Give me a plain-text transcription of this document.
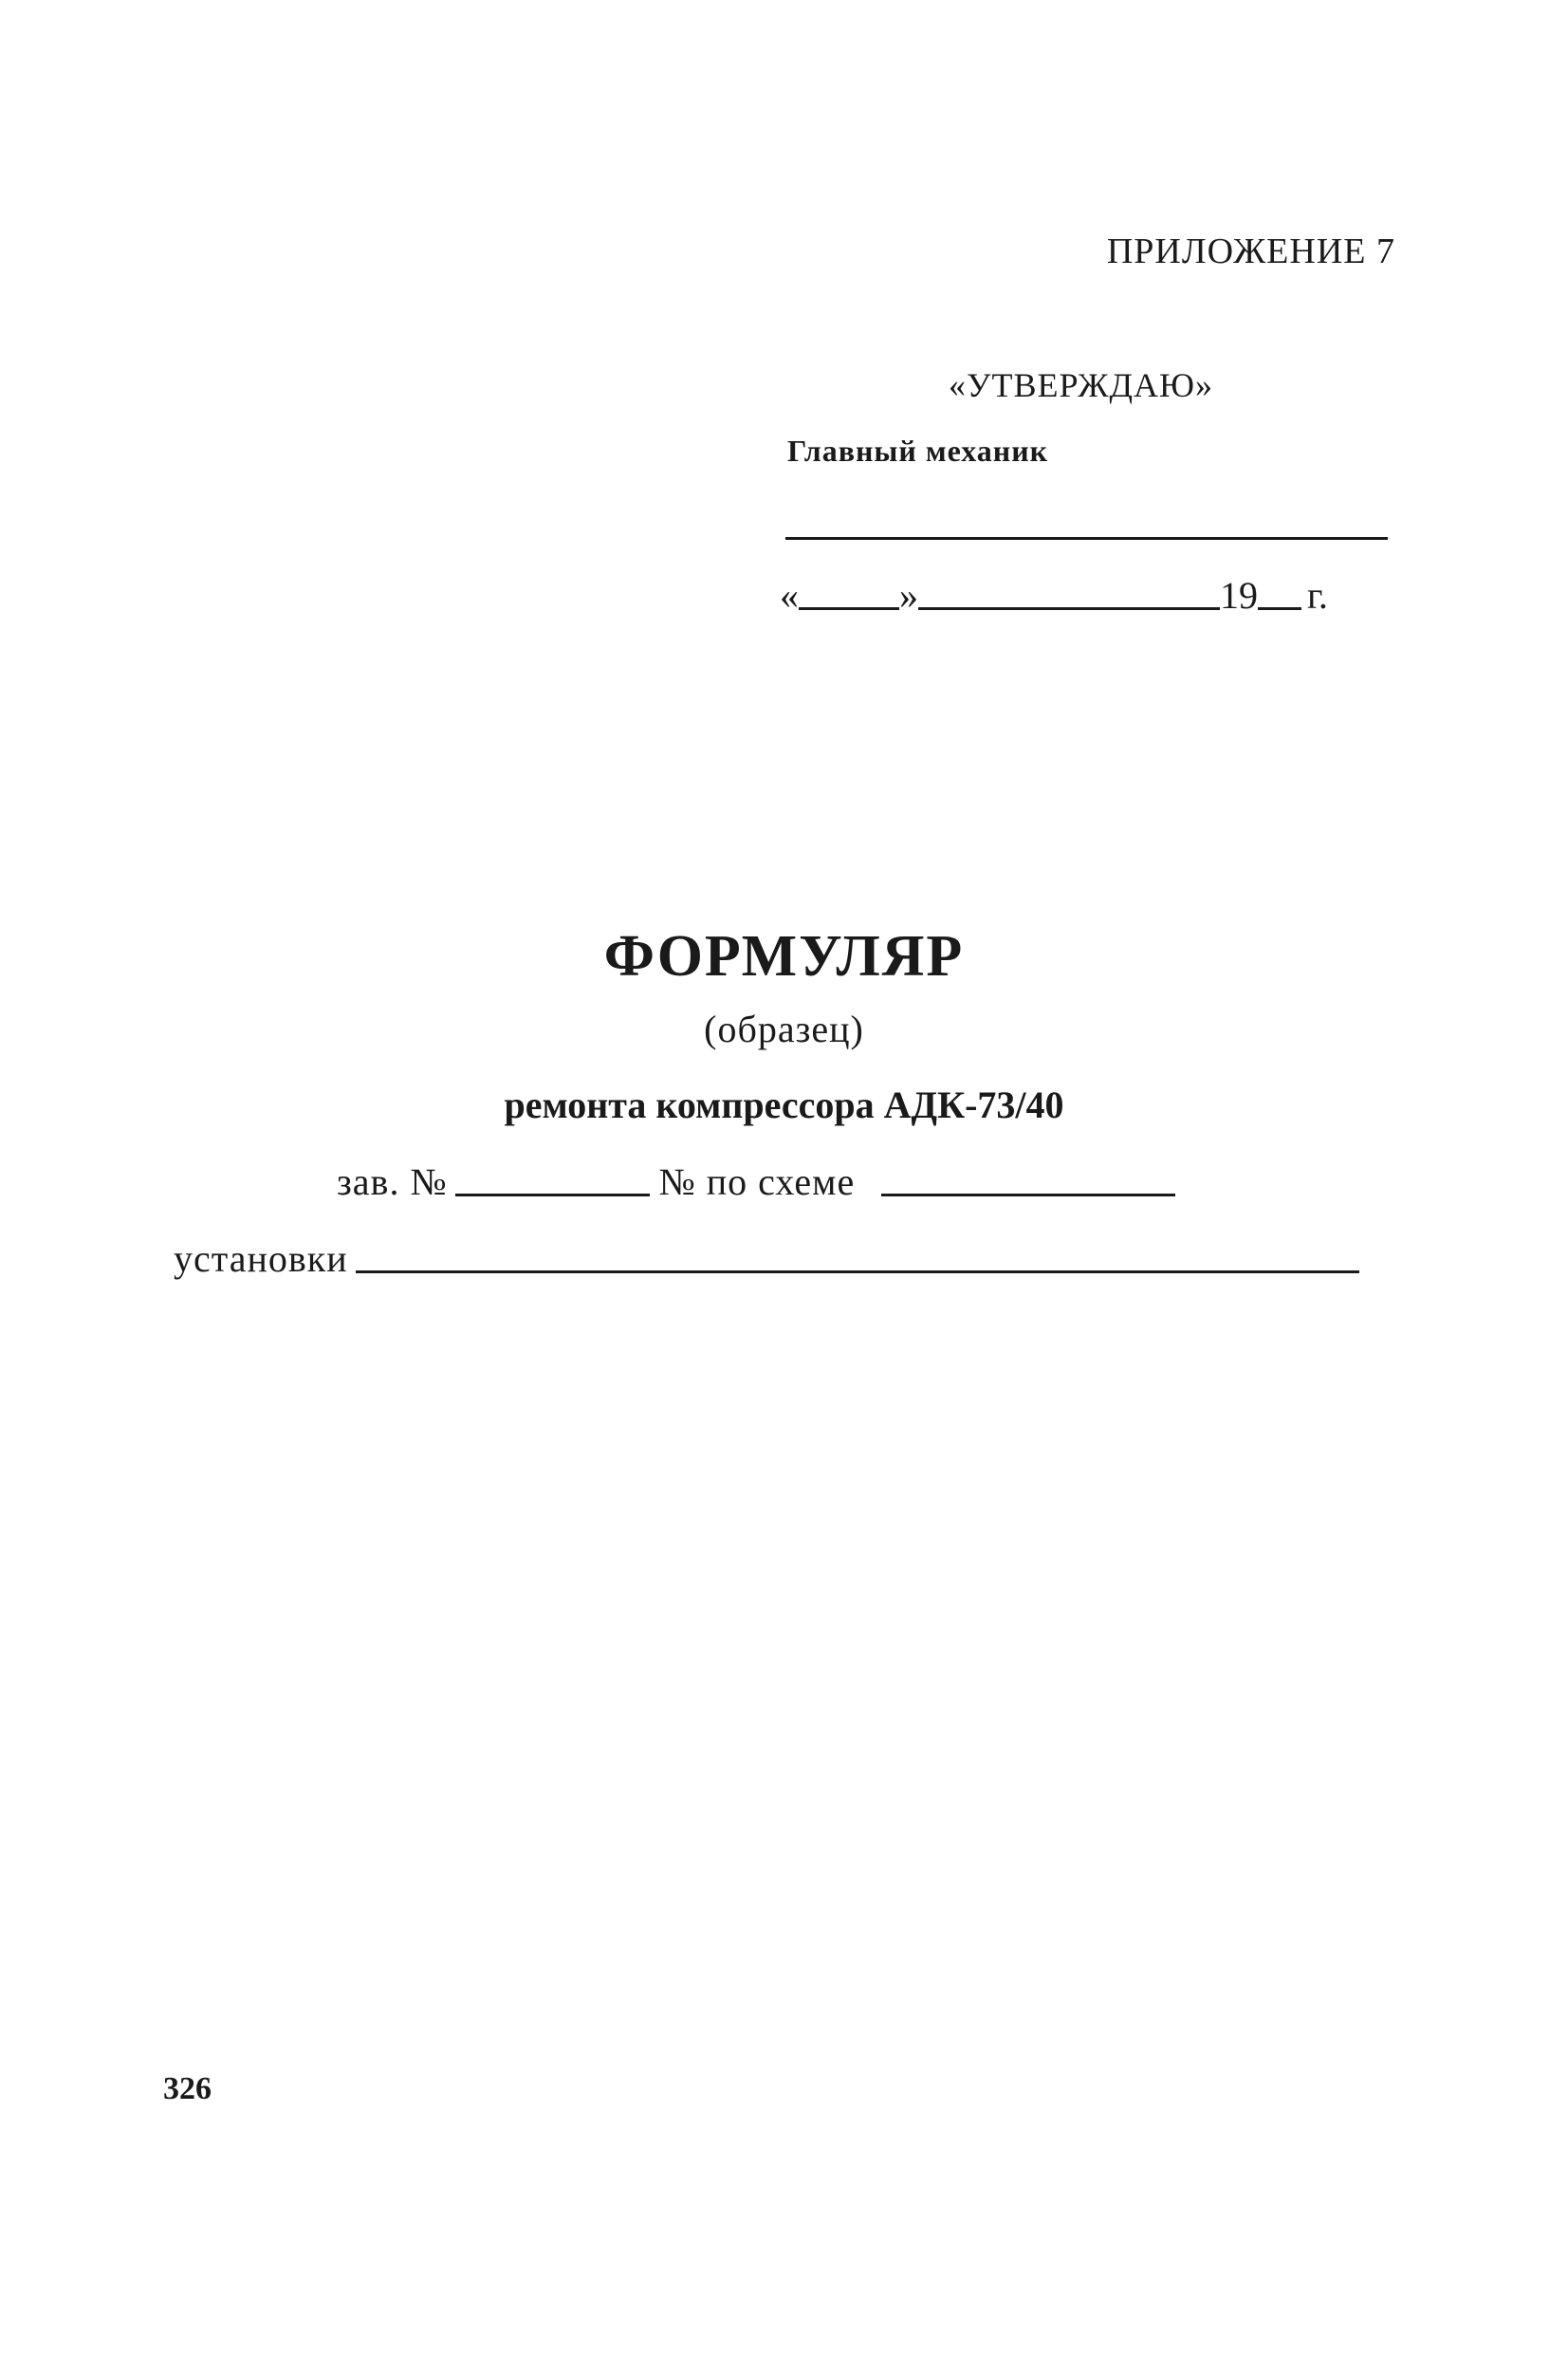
ПРИЛОЖЕНИЕ 7
«УТВЕРЖДАЮ»
Главный механик
«	»	19 г.
ФОРМУЛЯР
(образец)
ремонта компрессора АДК-73/40
зав. №	№ по схеме
установки
326
